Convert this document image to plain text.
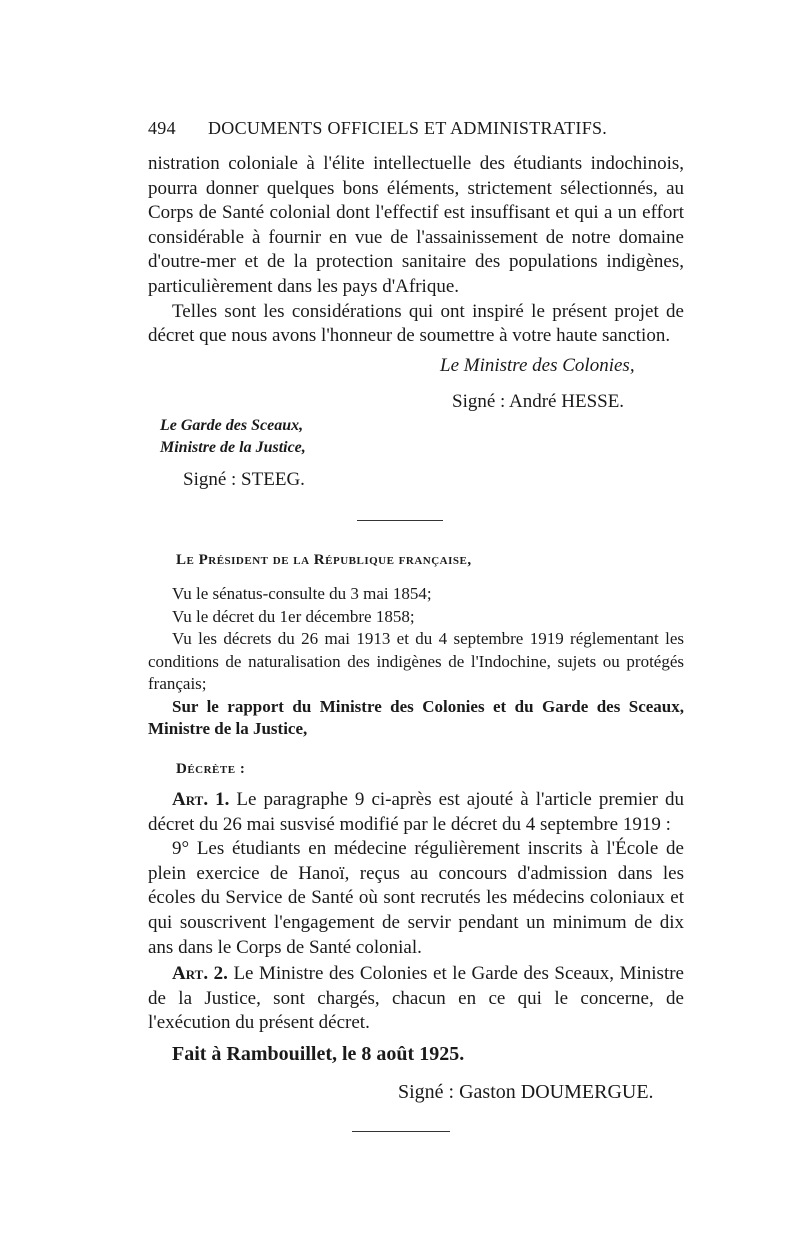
494 DOCUMENTS OFFICIELS ET ADMINISTRATIFS.

nistration coloniale à l'élite intellectuelle des étudiants indochinois, pourra donner quelques bons éléments, strictement sélectionnés, au Corps de Santé colonial dont l'effectif est insuffisant et qui a un effort considérable à fournir en vue de l'assainissement de notre domaine d'outre-mer et de la protection sanitaire des populations indigènes, particulièrement dans les pays d'Afrique.

Telles sont les considérations qui ont inspiré le présent projet de décret que nous avons l'honneur de soumettre à votre haute sanction.

Le Ministre des Colonies,
Signé : André HESSE.
Le Garde des Sceaux,
Ministre de la Justice,
Signé : STEEG.
Le Président de la République française,

Vu le sénatus-consulte du 3 mai 1854;

Vu le décret du 1er décembre 1858;

Vu les décrets du 26 mai 1913 et du 4 septembre 1919 réglementant les conditions de naturalisation des indigènes de l'Indochine, sujets ou protégés français;

Sur le rapport du Ministre des Colonies et du Garde des Sceaux, Ministre de la Justice,

Décrète :

Art. 1. Le paragraphe 9 ci-après est ajouté à l'article premier du décret du 26 mai susvisé modifié par le décret du 4 septembre 1919 :

9° Les étudiants en médecine régulièrement inscrits à l'École de plein exercice de Hanoï, reçus au concours d'admission dans les écoles du Service de Santé où sont recrutés les médecins coloniaux et qui souscrivent l'engagement de servir pendant un minimum de dix ans dans le Corps de Santé colonial.

Art. 2. Le Ministre des Colonies et le Garde des Sceaux, Ministre de la Justice, sont chargés, chacun en ce qui le concerne, de l'exécution du présent décret.

Fait à Rambouillet, le 8 août 1925.
Signé : Gaston DOUMERGUE.
